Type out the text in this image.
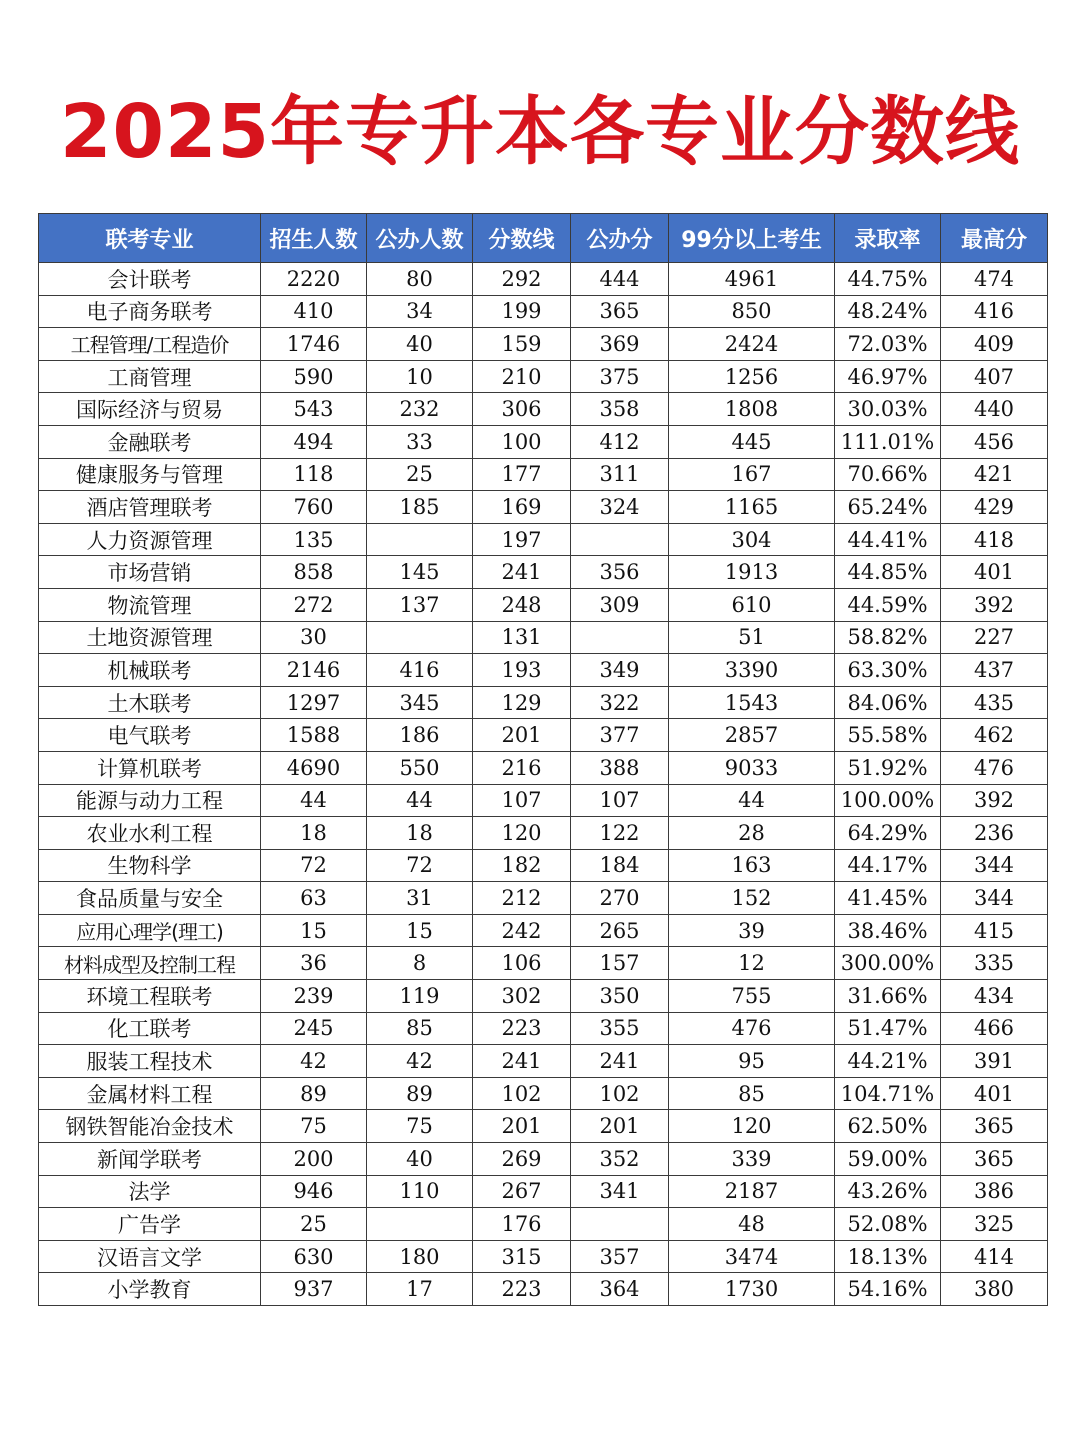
2025年专升本各专业分数线
联考专业	招生人数	公办人数	分数线	公办分	99分以上考生	录取率	最高分
会计联考	2220	80	292	444	4961	44.75%	474
电子商务联考	410	34	199	365	850	48.24%	416
工程管理/工程造价	1746	40	159	369	2424	72.03%	409
工商管理	590	10	210	375	1256	46.97%	407
国际经济与贸易	543	232	306	358	1808	30.03%	440
金融联考	494	33	100	412	445	111.01%	456
健康服务与管理	118	25	177	311	167	70.66%	421
酒店管理联考	760	185	169	324	1165	65.24%	429
人力资源管理	135		197		304	44.41%	418
市场营销	858	145	241	356	1913	44.85%	401
物流管理	272	137	248	309	610	44.59%	392
土地资源管理	30		131		51	58.82%	227
机械联考	2146	416	193	349	3390	63.30%	437
土木联考	1297	345	129	322	1543	84.06%	435
电气联考	1588	186	201	377	2857	55.58%	462
计算机联考	4690	550	216	388	9033	51.92%	476
能源与动力工程	44	44	107	107	44	100.00%	392
农业水利工程	18	18	120	122	28	64.29%	236
生物科学	72	72	182	184	163	44.17%	344
食品质量与安全	63	31	212	270	152	41.45%	344
应用心理学(理工)	15	15	242	265	39	38.46%	415
材料成型及控制工程	36	8	106	157	12	300.00%	335
环境工程联考	239	119	302	350	755	31.66%	434
化工联考	245	85	223	355	476	51.47%	466
服装工程技术	42	42	241	241	95	44.21%	391
金属材料工程	89	89	102	102	85	104.71%	401
钢铁智能冶金技术	75	75	201	201	120	62.50%	365
新闻学联考	200	40	269	352	339	59.00%	365
法学	946	110	267	341	2187	43.26%	386
广告学	25		176		48	52.08%	325
汉语言文学	630	180	315	357	3474	18.13%	414
小学教育	937	17	223	364	1730	54.16%	380
